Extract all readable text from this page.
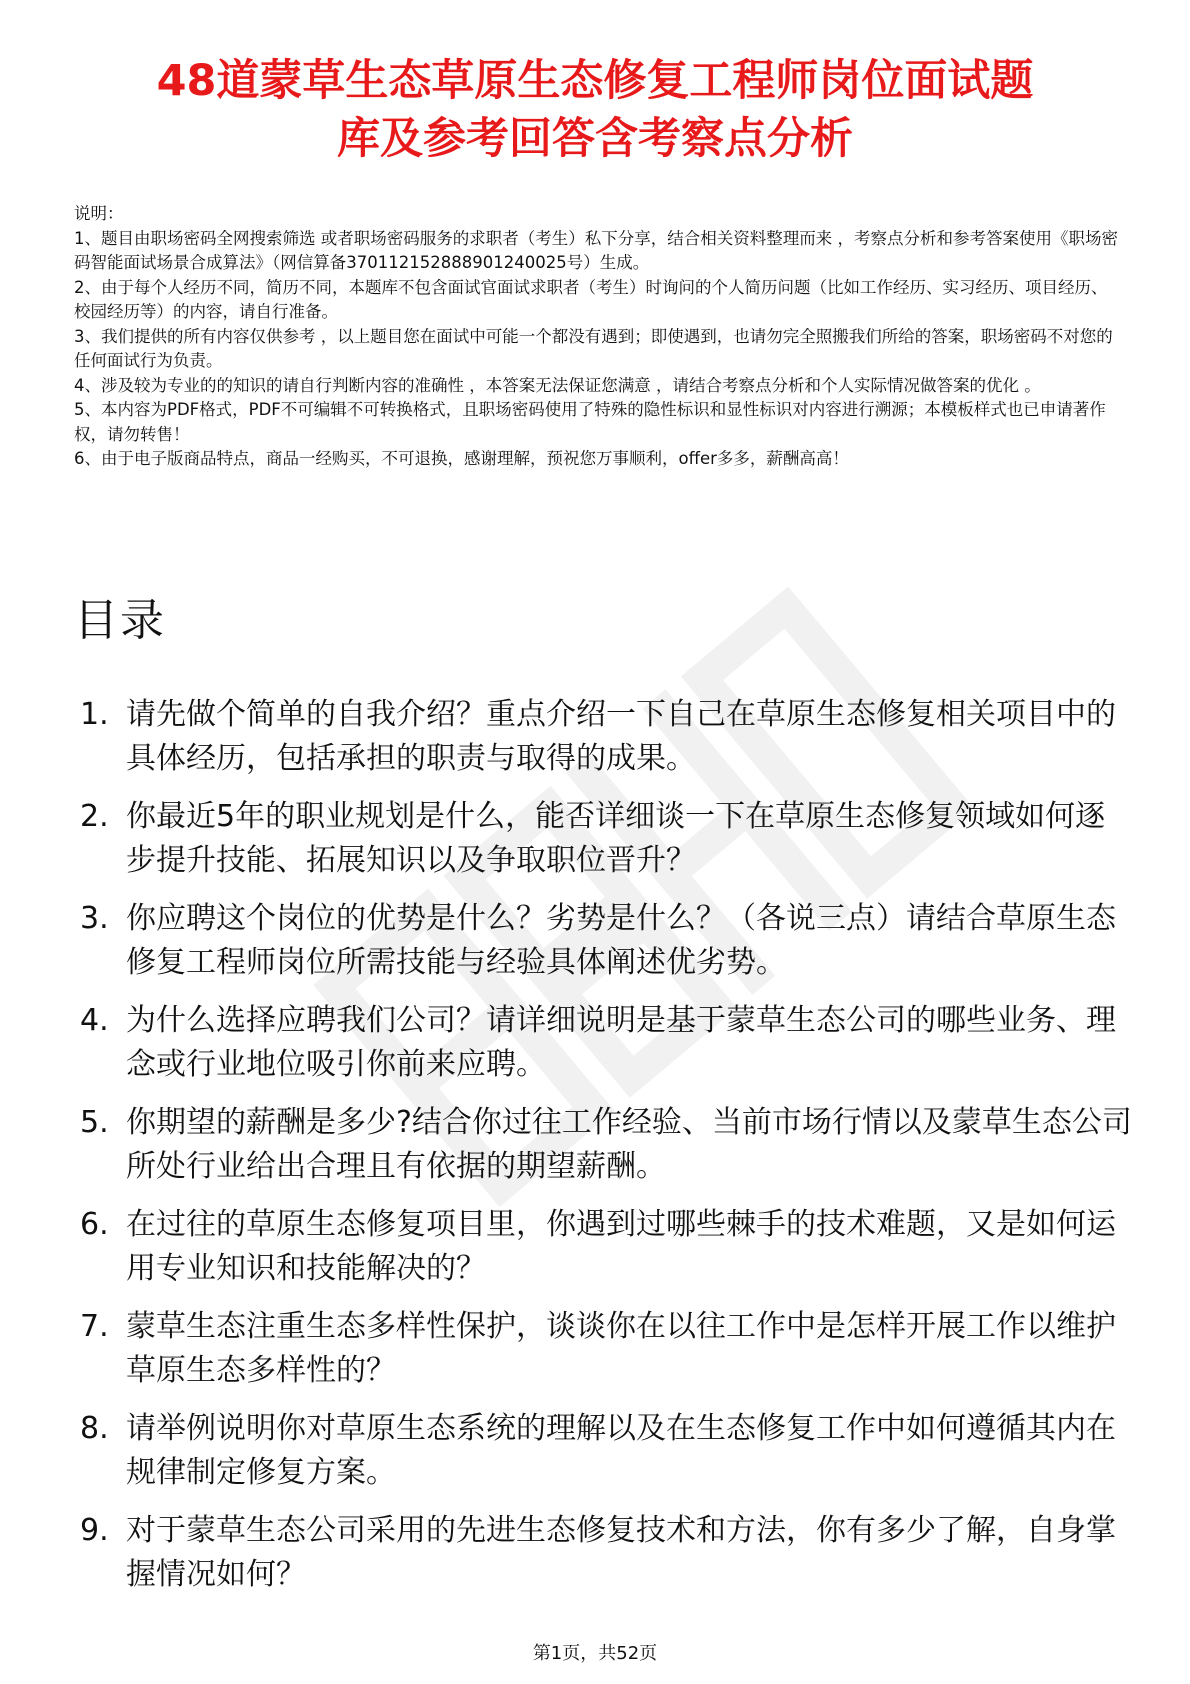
48道蒙草生态草原生态修复工程师岗位面试题
库及参考回答含考察点分析

说明：

1、题目由职场密码全网搜索筛选 或者职场密码服务的求职者（考生）私下分享，结合相关资料整理而来 ，考察点分析和参考答案使用《职场密码智能面试场景合成算法》（网信算备370112152888901240025号）生成。

2、由于每个人经历不同，简历不同，本题库不包含面试官面试求职者（考生）时询问的个人简历问题（比如工作经历、实习经历、项目经历、校园经历等）的内容，请自行准备。

3、我们提供的所有内容仅供参考 ，以上题目您在面试中可能一个都没有遇到；即使遇到，也请勿完全照搬我们所给的答案，职场密码不对您的任何面试行为负责。

4、涉及较为专业的的知识的请自行判断内容的准确性 ，本答案无法保证您满意 ，请结合考察点分析和个人实际情况做答案的优化 。

5、本内容为PDF格式，PDF不可编辑不可转换格式，且职场密码使用了特殊的隐性标识和显性标识对内容进行溯源；本模板样式也已申请著作权，请勿转售！

6、由于电子版商品特点，商品一经购买，不可退换，感谢理解，预祝您万事顺利，offer多多，薪酬高高！

目录
1. 请先做个简单的自我介绍？重点介绍一下自己在草原生态修复相关项目中的具体经历，包括承担的职责与取得的成果。
2. 你最近5年的职业规划是什么，能否详细谈一下在草原生态修复领域如何逐步提升技能、拓展知识以及争取职位晋升？
3. 你应聘这个岗位的优势是什么？劣势是什么？（各说三点）请结合草原生态修复工程师岗位所需技能与经验具体阐述优劣势。
4. 为什么选择应聘我们公司？请详细说明是基于蒙草生态公司的哪些业务、理念或行业地位吸引你前来应聘。
5. 你期望的薪酬是多少?结合你过往工作经验、当前市场行情以及蒙草生态公司所处行业给出合理且有依据的期望薪酬。
6. 在过往的草原生态修复项目里，你遇到过哪些棘手的技术难题，又是如何运用专业知识和技能解决的？
7. 蒙草生态注重生态多样性保护，谈谈你在以往工作中是怎样开展工作以维护草原生态多样性的？
8. 请举例说明你对草原生态系统的理解以及在生态修复工作中如何遵循其内在规律制定修复方案。
9. 对于蒙草生态公司采用的先进生态修复技术和方法，你有多少了解，自身掌握情况如何？
第1页，共52页
